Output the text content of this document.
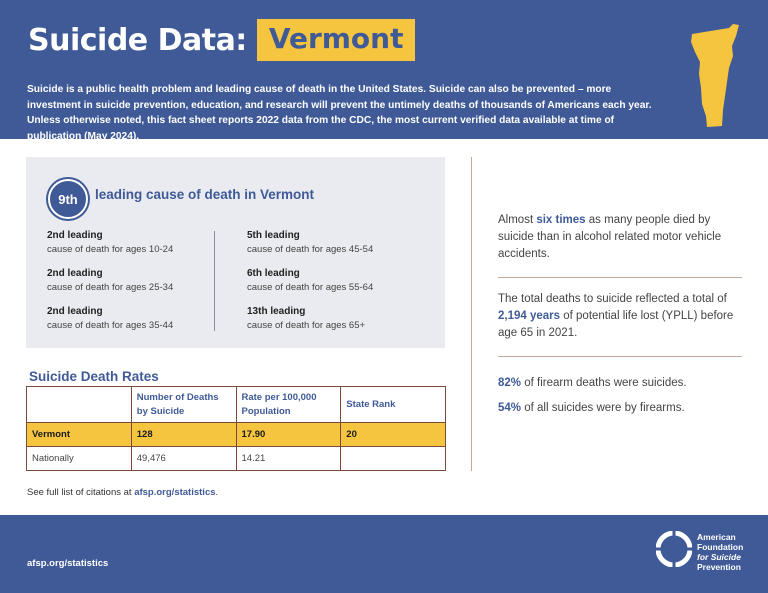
Suicide Data: Vermont

Suicide is a public health problem and leading cause of death in the United States. Suicide can also be prevented – more investment in suicide prevention, education, and research will prevent the untimely deaths of thousands of Americans each year. Unless otherwise noted, this fact sheet reports 2022 data from the CDC, the most current verified data available at time of publication (May 2024).

9th	leading cause of death in Vermont
2nd leading
cause of death for ages 10-24
2nd leading
cause of death for ages 25-34
2nd leading
cause of death for ages 35-44
5th leading
cause of death for ages 45-54
6th leading
cause of death for ages 55-64
13th leading
cause of death for ages 65+
Suicide Death Rates
	Number of Deaths by Suicide	Rate per 100,000 Population	State Rank
Vermont	128	17.90	20
Nationally	49,476	14.21	
See full list of citations at afsp.org/statistics.
Almost six times as many people died by suicide than in alcohol related motor vehicle accidents.
The total deaths to suicide reflected a total of 2,194 years of potential life lost (YPLL) before age 65 in 2021.
82% of firearm deaths were suicides.
54% of all suicides were by firearms.
afsp.org/statistics
American
Foundation
for Suicide
Prevention
